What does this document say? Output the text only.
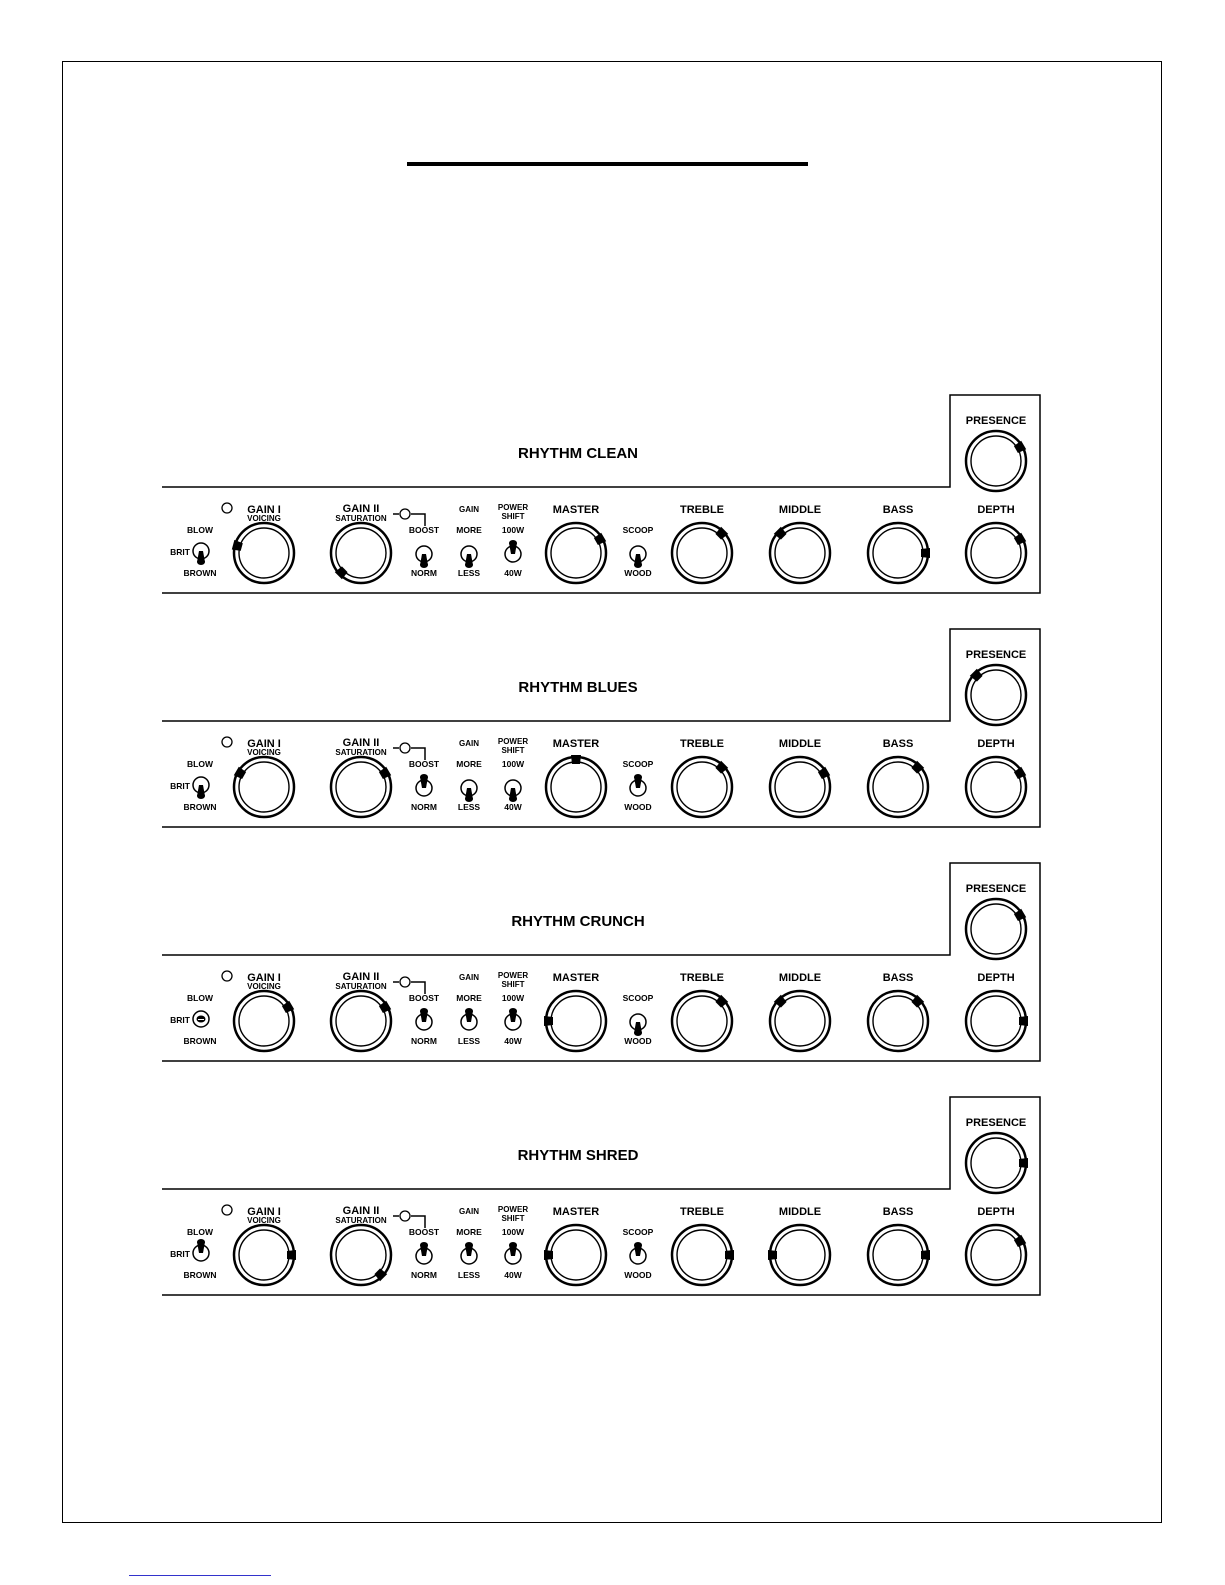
RHYTHM CLEAN
BLOW
BRIT
BROWN
GAIN I
VOICING
GAIN II
SATURATION
BOOST
NORM
GAIN
MORE
LESS
POWER
SHIFT
100W
40W
MASTER
SCOOP
WOOD
TREBLE	MIDDLE	BASS
PRESENCE
DEPTH
RHYTHM BLUES
BLOW
BRIT
BROWN
GAIN I
VOICING
GAIN II
SATURATION
BOOST
NORM
GAIN
MORE
LESS
POWER
SHIFT
100W
40W
MASTER
SCOOP
WOOD
TREBLE	MIDDLE	BASS
PRESENCE
DEPTH
RHYTHM CRUNCH
BLOW
BRIT
BROWN
GAIN I
VOICING
GAIN II
SATURATION
BOOST
NORM
GAIN
MORE
LESS
POWER
SHIFT
100W
40W
MASTER
SCOOP
WOOD
TREBLE	MIDDLE	BASS
PRESENCE
DEPTH
RHYTHM SHRED
BLOW
BRIT
BROWN
GAIN I
VOICING
GAIN II
SATURATION
BOOST
NORM
GAIN
MORE
LESS
POWER
SHIFT
100W
40W
MASTER
SCOOP
WOOD
TREBLE	MIDDLE	BASS
PRESENCE
DEPTH
